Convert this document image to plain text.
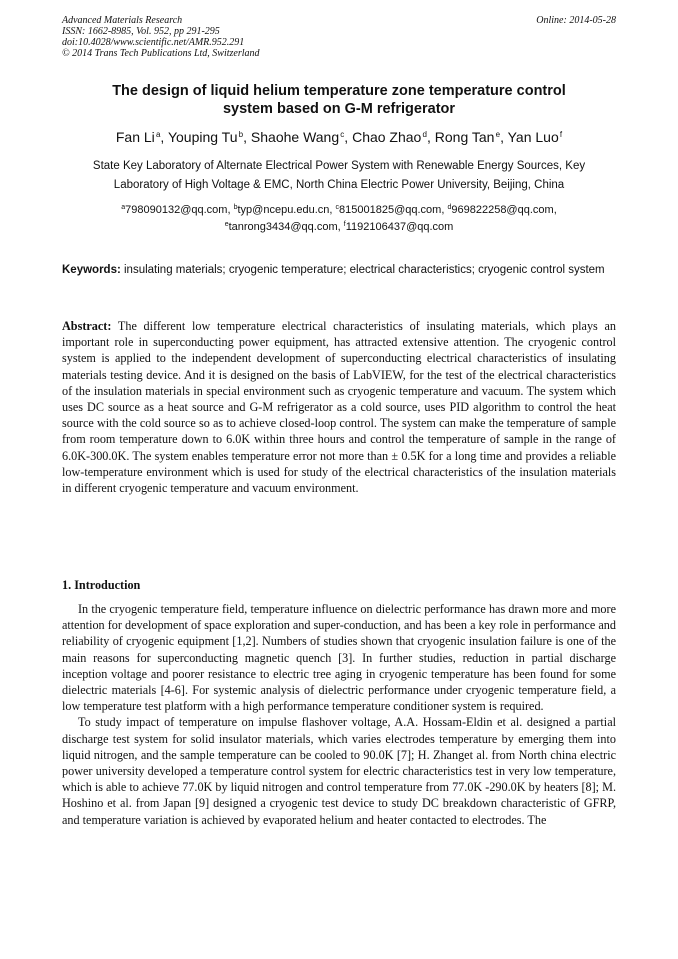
Advanced Materials Research
ISSN: 1662-8985, Vol. 952, pp 291-295
doi:10.4028/www.scientific.net/AMR.952.291
© 2014 Trans Tech Publications Ltd, Switzerland
Online: 2014-05-28
The design of liquid helium temperature zone temperature control
system based on G-M refrigerator
Fan Li $^a$, Youping Tu $^b$, Shaohe Wang $^c$, Chao Zhao $^d$, Rong Tan $^e$, Yan Luo $^f$
State Key Laboratory of Alternate Electrical Power System with Renewable Energy Sources, Key
Laboratory of High Voltage & EMC, North China Electric Power University, Beijing, China
$^a$798090132@qq.com, $^b$typ@ncepu.edu.cn, $^c$815001825@qq.com, $^d$969822258@qq.com,
$^e$tanrong3434@qq.com, $^f$1192106437@qq.com
Keywords: insulating materials; cryogenic temperature; electrical characteristics; cryogenic control system
Abstract: The different low temperature electrical characteristics of insulating materials, which plays an important role in superconducting power equipment, has attracted extensive attention. The cryogenic control system is applied to the independent development of superconducting electrical characteristics of insulating materials testing device. And it is designed on the basis of LabVIEW, for the test of the electrical characteristics of the insulation materials in special environment such as cryogenic temperature and vacuum. The system which uses DC source as a heat source and G-M refrigerator as a cold source, uses PID algorithm to control the heat source with the cold source so as to achieve closed-loop control. The system can make the temperature of sample from room temperature down to 6.0K within three hours and control the temperature of sample in the range of 6.0K-300.0K. The system enables temperature error not more than ± 0.5K for a long time and provides a reliable low-temperature environment which is used for study of the electrical characteristics of the insulation materials in different cryogenic temperature and vacuum environment.
1. Introduction

In the cryogenic temperature field, temperature influence on dielectric performance has drawn more and more attention for development of space exploration and super-conduction, and has been a key role in performance and reliability of cryogenic equipment [1,2]. Numbers of studies shown that cryogenic insulation failure is one of the main reasons for superconducting magnetic quench [3]. In further studies, reduction in partial discharge inception voltage and poorer resistance to electric tree aging in cryogenic temperature has been found for some dielectric materials [4-6]. For systemic analysis of dielectric performance under cryogenic temperature field, a low temperature test platform with a high performance temperature conditioner system is required.

To study impact of temperature on impulse flashover voltage, A.A. Hossam-Eldin et al. designed a partial discharge test system for solid insulator materials, which varies electrodes temperature by emerging them into liquid nitrogen, and the sample temperature can be cooled to 90.0K [7]; H. Zhanget al. from North china electric power university developed a temperature control system for electric characteristics test in very low temperature, which is able to achieve 77.0K by liquid nitrogen and control temperature from 77.0K -290.0K by heaters [8]; M. Hoshino et al. from Japan [9] designed a cryogenic test device to study DC breakdown characteristic of GFRP, and temperature variation is achieved by evaporated helium and heater contacted to electrodes. The
